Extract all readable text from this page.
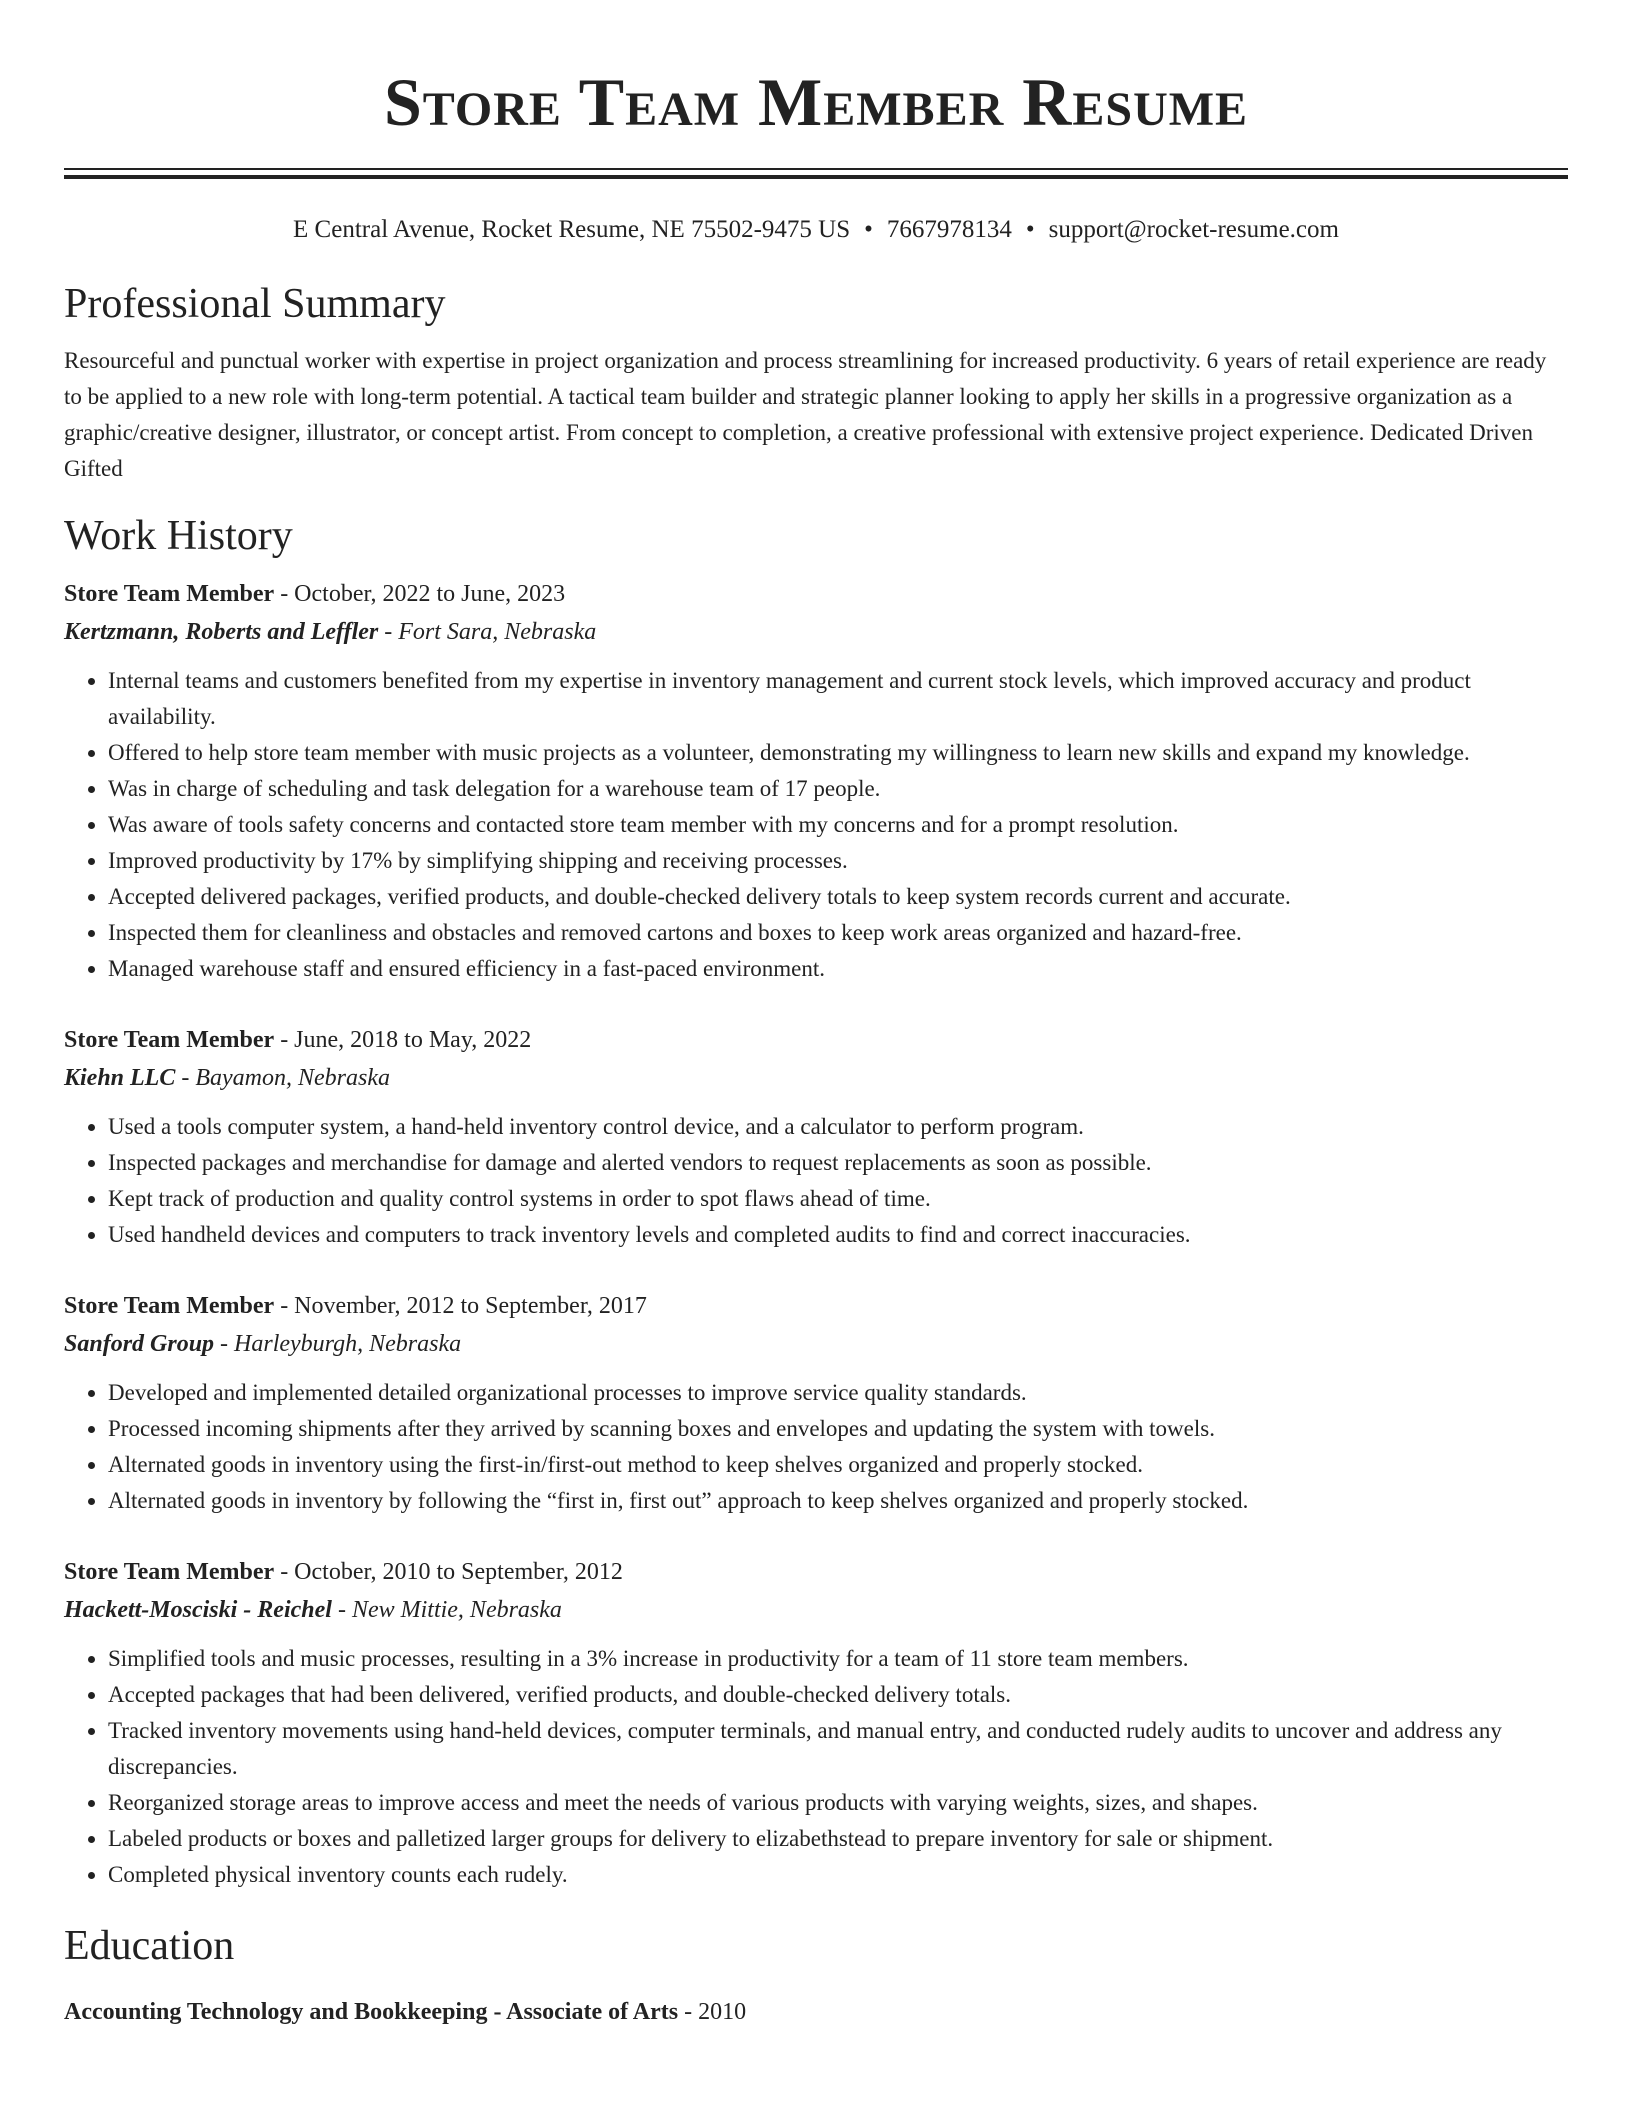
Store Team Member Resume
E Central Avenue, Rocket Resume, NE 75502-9475 US • 7667978134 • support@rocket-resume.com
Professional Summary
Resourceful and punctual worker with expertise in project organization and process streamlining for increased productivity. 6 years of retail experience are ready to be applied to a new role with long-term potential. A tactical team builder and strategic planner looking to apply her skills in a progressive organization as a graphic/creative designer, illustrator, or concept artist. From concept to completion, a creative professional with extensive project experience. Dedicated Driven Gifted
Work History
Store Team Member - October, 2022 to June, 2023
Kertzmann, Roberts and Leffler - Fort Sara, Nebraska
• Internal teams and customers benefited from my expertise in inventory management and current stock levels, which improved accuracy and product availability.
• Offered to help store team member with music projects as a volunteer, demonstrating my willingness to learn new skills and expand my knowledge.
• Was in charge of scheduling and task delegation for a warehouse team of 17 people.
• Was aware of tools safety concerns and contacted store team member with my concerns and for a prompt resolution.
• Improved productivity by 17% by simplifying shipping and receiving processes.
• Accepted delivered packages, verified products, and double-checked delivery totals to keep system records current and accurate.
• Inspected them for cleanliness and obstacles and removed cartons and boxes to keep work areas organized and hazard-free.
• Managed warehouse staff and ensured efficiency in a fast-paced environment.
Store Team Member - June, 2018 to May, 2022
Kiehn LLC - Bayamon, Nebraska
• Used a tools computer system, a hand-held inventory control device, and a calculator to perform program.
• Inspected packages and merchandise for damage and alerted vendors to request replacements as soon as possible.
• Kept track of production and quality control systems in order to spot flaws ahead of time.
• Used handheld devices and computers to track inventory levels and completed audits to find and correct inaccuracies.
Store Team Member - November, 2012 to September, 2017
Sanford Group - Harleyburgh, Nebraska
• Developed and implemented detailed organizational processes to improve service quality standards.
• Processed incoming shipments after they arrived by scanning boxes and envelopes and updating the system with towels.
• Alternated goods in inventory using the first-in/first-out method to keep shelves organized and properly stocked.
• Alternated goods in inventory by following the “first in, first out” approach to keep shelves organized and properly stocked.
Store Team Member - October, 2010 to September, 2012
Hackett-Mosciski - Reichel - New Mittie, Nebraska
• Simplified tools and music processes, resulting in a 3% increase in productivity for a team of 11 store team members.
• Accepted packages that had been delivered, verified products, and double-checked delivery totals.
• Tracked inventory movements using hand-held devices, computer terminals, and manual entry, and conducted rudely audits to uncover and address any discrepancies.
• Reorganized storage areas to improve access and meet the needs of various products with varying weights, sizes, and shapes.
• Labeled products or boxes and palletized larger groups for delivery to elizabethstead to prepare inventory for sale or shipment.
• Completed physical inventory counts each rudely.
Education
Accounting Technology and Bookkeeping - Associate of Arts - 2010
